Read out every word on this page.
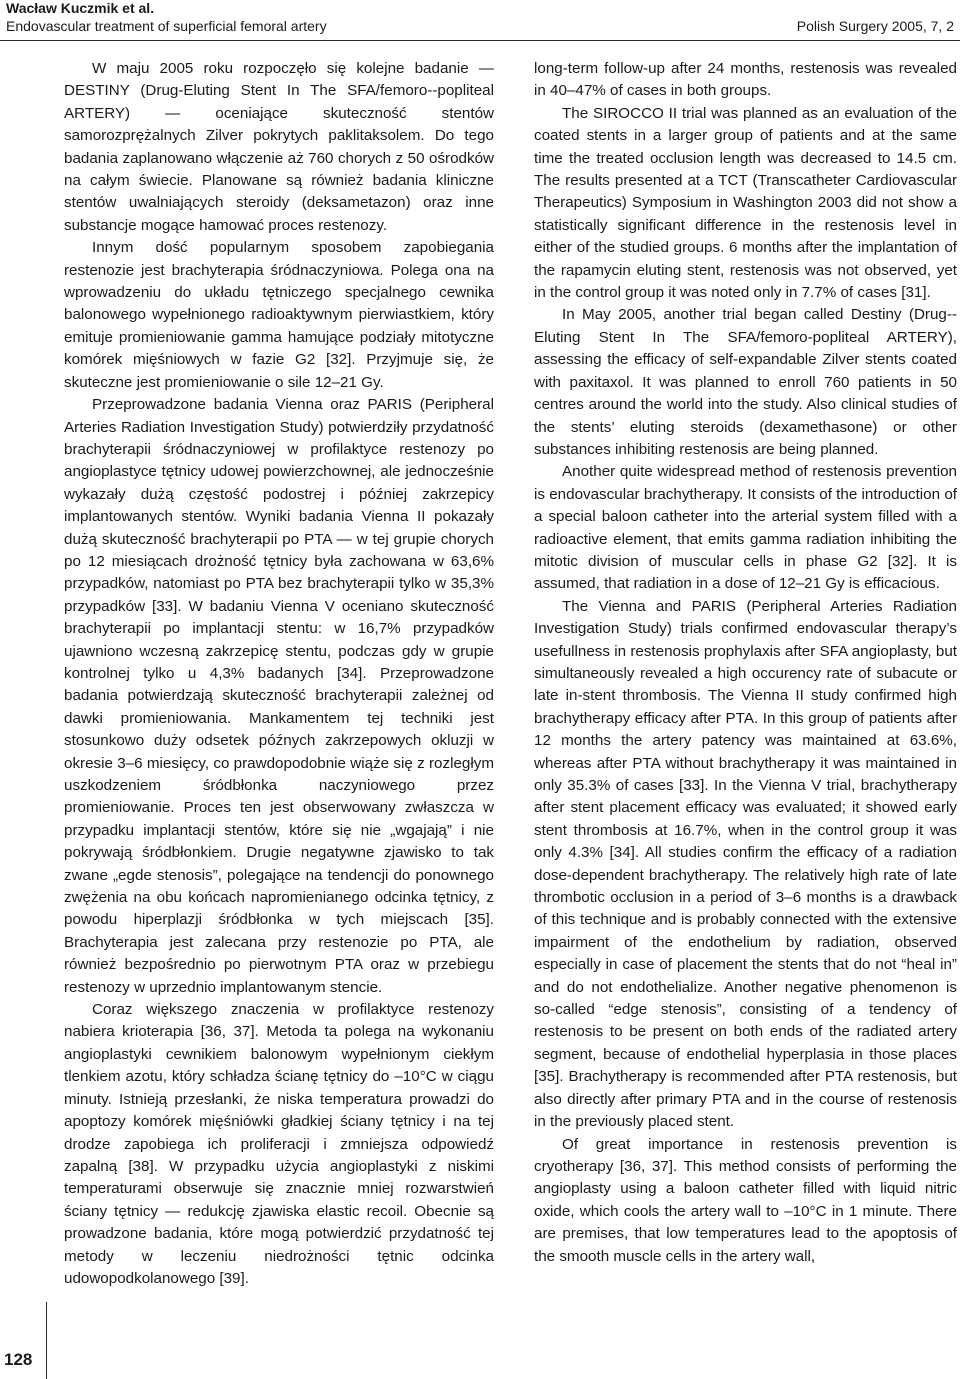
Wacław Kuczmik et al.
Endovascular treatment of superficial femoral artery	Polish Surgery 2005, 7, 2

W maju 2005 roku rozpoczęło się kolejne badanie — DESTINY (Drug-Eluting Stent In The SFA/femoro--popliteal ARTERY) — oceniające skuteczność stentów samorozprężalnych Zilver pokrytych paklitaksolem. Do tego badania zaplanowano włączenie aż 760 chorych z 50 ośrodków na całym świecie. Planowane są również badania kliniczne stentów uwalniających steroidy (deksametazon) oraz inne substancje mogące hamować proces restenozy.

Innym dość popularnym sposobem zapobiegania restenozie jest brachyterapia śródnaczyniowa. Polega ona na wprowadzeniu do układu tętniczego specjalnego cewnika balonowego wypełnionego radioaktywnym pierwiastkiem, który emituje promieniowanie gamma hamujące podziały mitotyczne komórek mięśniowych w fazie G2 [32]. Przyjmuje się, że skuteczne jest promieniowanie o sile 12–21 Gy.

Przeprowadzone badania Vienna oraz PARIS (Peripheral Arteries Radiation Investigation Study) potwierdziły przydatność brachyterapii śródnaczyniowej w profilaktyce restenozy po angioplastyce tętnicy udowej powierzchownej, ale jednocześnie wykazały dużą częstość podostrej i później zakrzepicy implantowanych stentów. Wyniki badania Vienna II pokazały dużą skuteczność brachyterapii po PTA — w tej grupie chorych po 12 miesiącach drożność tętnicy była zachowana w 63,6% przypadków, natomiast po PTA bez brachyterapii tylko w 35,3% przypadków [33]. W badaniu Vienna V oceniano skuteczność brachyterapii po implantacji stentu: w 16,7% przypadków ujawniono wczesną zakrzepicę stentu, podczas gdy w grupie kontrolnej tylko u 4,3% badanych [34]. Przeprowadzone badania potwierdzają skuteczność brachyterapii zależnej od dawki promieniowania. Mankamentem tej techniki jest stosunkowo duży odsetek późnych zakrzepowych okluzji w okresie 3–6 miesięcy, co prawdopodobnie wiąże się z rozległym uszkodzeniem śródbłonka naczyniowego przez promieniowanie. Proces ten jest obserwowany zwłaszcza w przypadku implantacji stentów, które się nie „wgajają” i nie pokrywają śródbłonkiem. Drugie negatywne zjawisko to tak zwane „egde stenosis”, polegające na tendencji do ponownego zwężenia na obu końcach napromienianego odcinka tętnicy, z powodu hiperplazji śródbłonka w tych miejscach [35]. Brachyterapia jest zalecana przy restenozie po PTA, ale również bezpośrednio po pierwotnym PTA oraz w przebiegu restenozy w uprzednio implantowanym stencie.

Coraz większego znaczenia w profilaktyce restenozy nabiera krioterapia [36, 37]. Metoda ta polega na wykonaniu angioplastyki cewnikiem balonowym wypełnionym ciekłym tlenkiem azotu, który schładza ścianę tętnicy do –10°C w ciągu minuty. Istnieją przesłanki, że niska temperatura prowadzi do apoptozy komórek mięśniówki gładkiej ściany tętnicy i na tej drodze zapobiega ich proliferacji i zmniejsza odpowiedź zapalną [38]. W przypadku użycia angioplastyki z niskimi temperaturami obserwuje się znacznie mniej rozwarstwień ściany tętnicy — redukcję zjawiska elastic recoil. Obecnie są prowadzone badania, które mogą potwierdzić przydatność tej metody w leczeniu niedrożności tętnic odcinka udowopodkolanowego [39].

long-term follow-up after 24 months, restenosis was revealed in 40–47% of cases in both groups.

The SIROCCO II trial was planned as an evaluation of the coated stents in a larger group of patients and at the same time the treated occlusion length was decreased to 14.5 cm. The results presented at a TCT (Transcatheter Cardiovascular Therapeutics) Symposium in Washington 2003 did not show a statistically significant difference in the restenosis level in either of the studied groups. 6 months after the implantation of the rapamycin eluting stent, restenosis was not observed, yet in the control group it was noted only in 7.7% of cases [31].

In May 2005, another trial began called Destiny (Drug--Eluting Stent In The SFA/femoro-popliteal ARTERY), assessing the efficacy of self-expandable Zilver stents coated with paxitaxol. It was planned to enroll 760 patients in 50 centres around the world into the study. Also clinical studies of the stents’ eluting steroids (dexamethasone) or other substances inhibiting restenosis are being planned.

Another quite widespread method of restenosis prevention is endovascular brachytherapy. It consists of the introduction of a special baloon catheter into the arterial system filled with a radioactive element, that emits gamma radiation inhibiting the mitotic division of muscular cells in phase G2 [32]. It is assumed, that radiation in a dose of 12–21 Gy is efficacious.

The Vienna and PARIS (Peripheral Arteries Radiation Investigation Study) trials confirmed endovascular therapy’s usefullness in restenosis prophylaxis after SFA angioplasty, but simultaneously revealed a high occurency rate of subacute or late in-stent thrombosis. The Vienna II study confirmed high brachytherapy efficacy after PTA. In this group of patients after 12 months the artery patency was maintained at 63.6%, whereas after PTA without brachytherapy it was maintained in only 35.3% of cases [33]. In the Vienna V trial, brachytherapy after stent placement efficacy was evaluated; it showed early stent thrombosis at 16.7%, when in the control group it was only 4.3% [34]. All studies confirm the efficacy of a radiation dose-dependent brachytherapy. The relatively high rate of late thrombotic occlusion in a period of 3–6 months is a drawback of this technique and is probably connected with the extensive impairment of the endothelium by radiation, observed especially in case of placement the stents that do not “heal in” and do not endothelialize. Another negative phenomenon is so-called “edge stenosis”, consisting of a tendency of restenosis to be present on both ends of the radiated artery segment, because of endothelial hyperplasia in those places [35]. Brachytherapy is recommended after PTA restenosis, but also directly after primary PTA and in the course of restenosis in the previously placed stent.

Of great importance in restenosis prevention is cryotherapy [36, 37]. This method consists of performing the angioplasty using a baloon catheter filled with liquid nitric oxide, which cools the artery wall to –10°C in 1 minute. There are premises, that low temperatures lead to the apoptosis of the smooth muscle cells in the artery wall,

128
